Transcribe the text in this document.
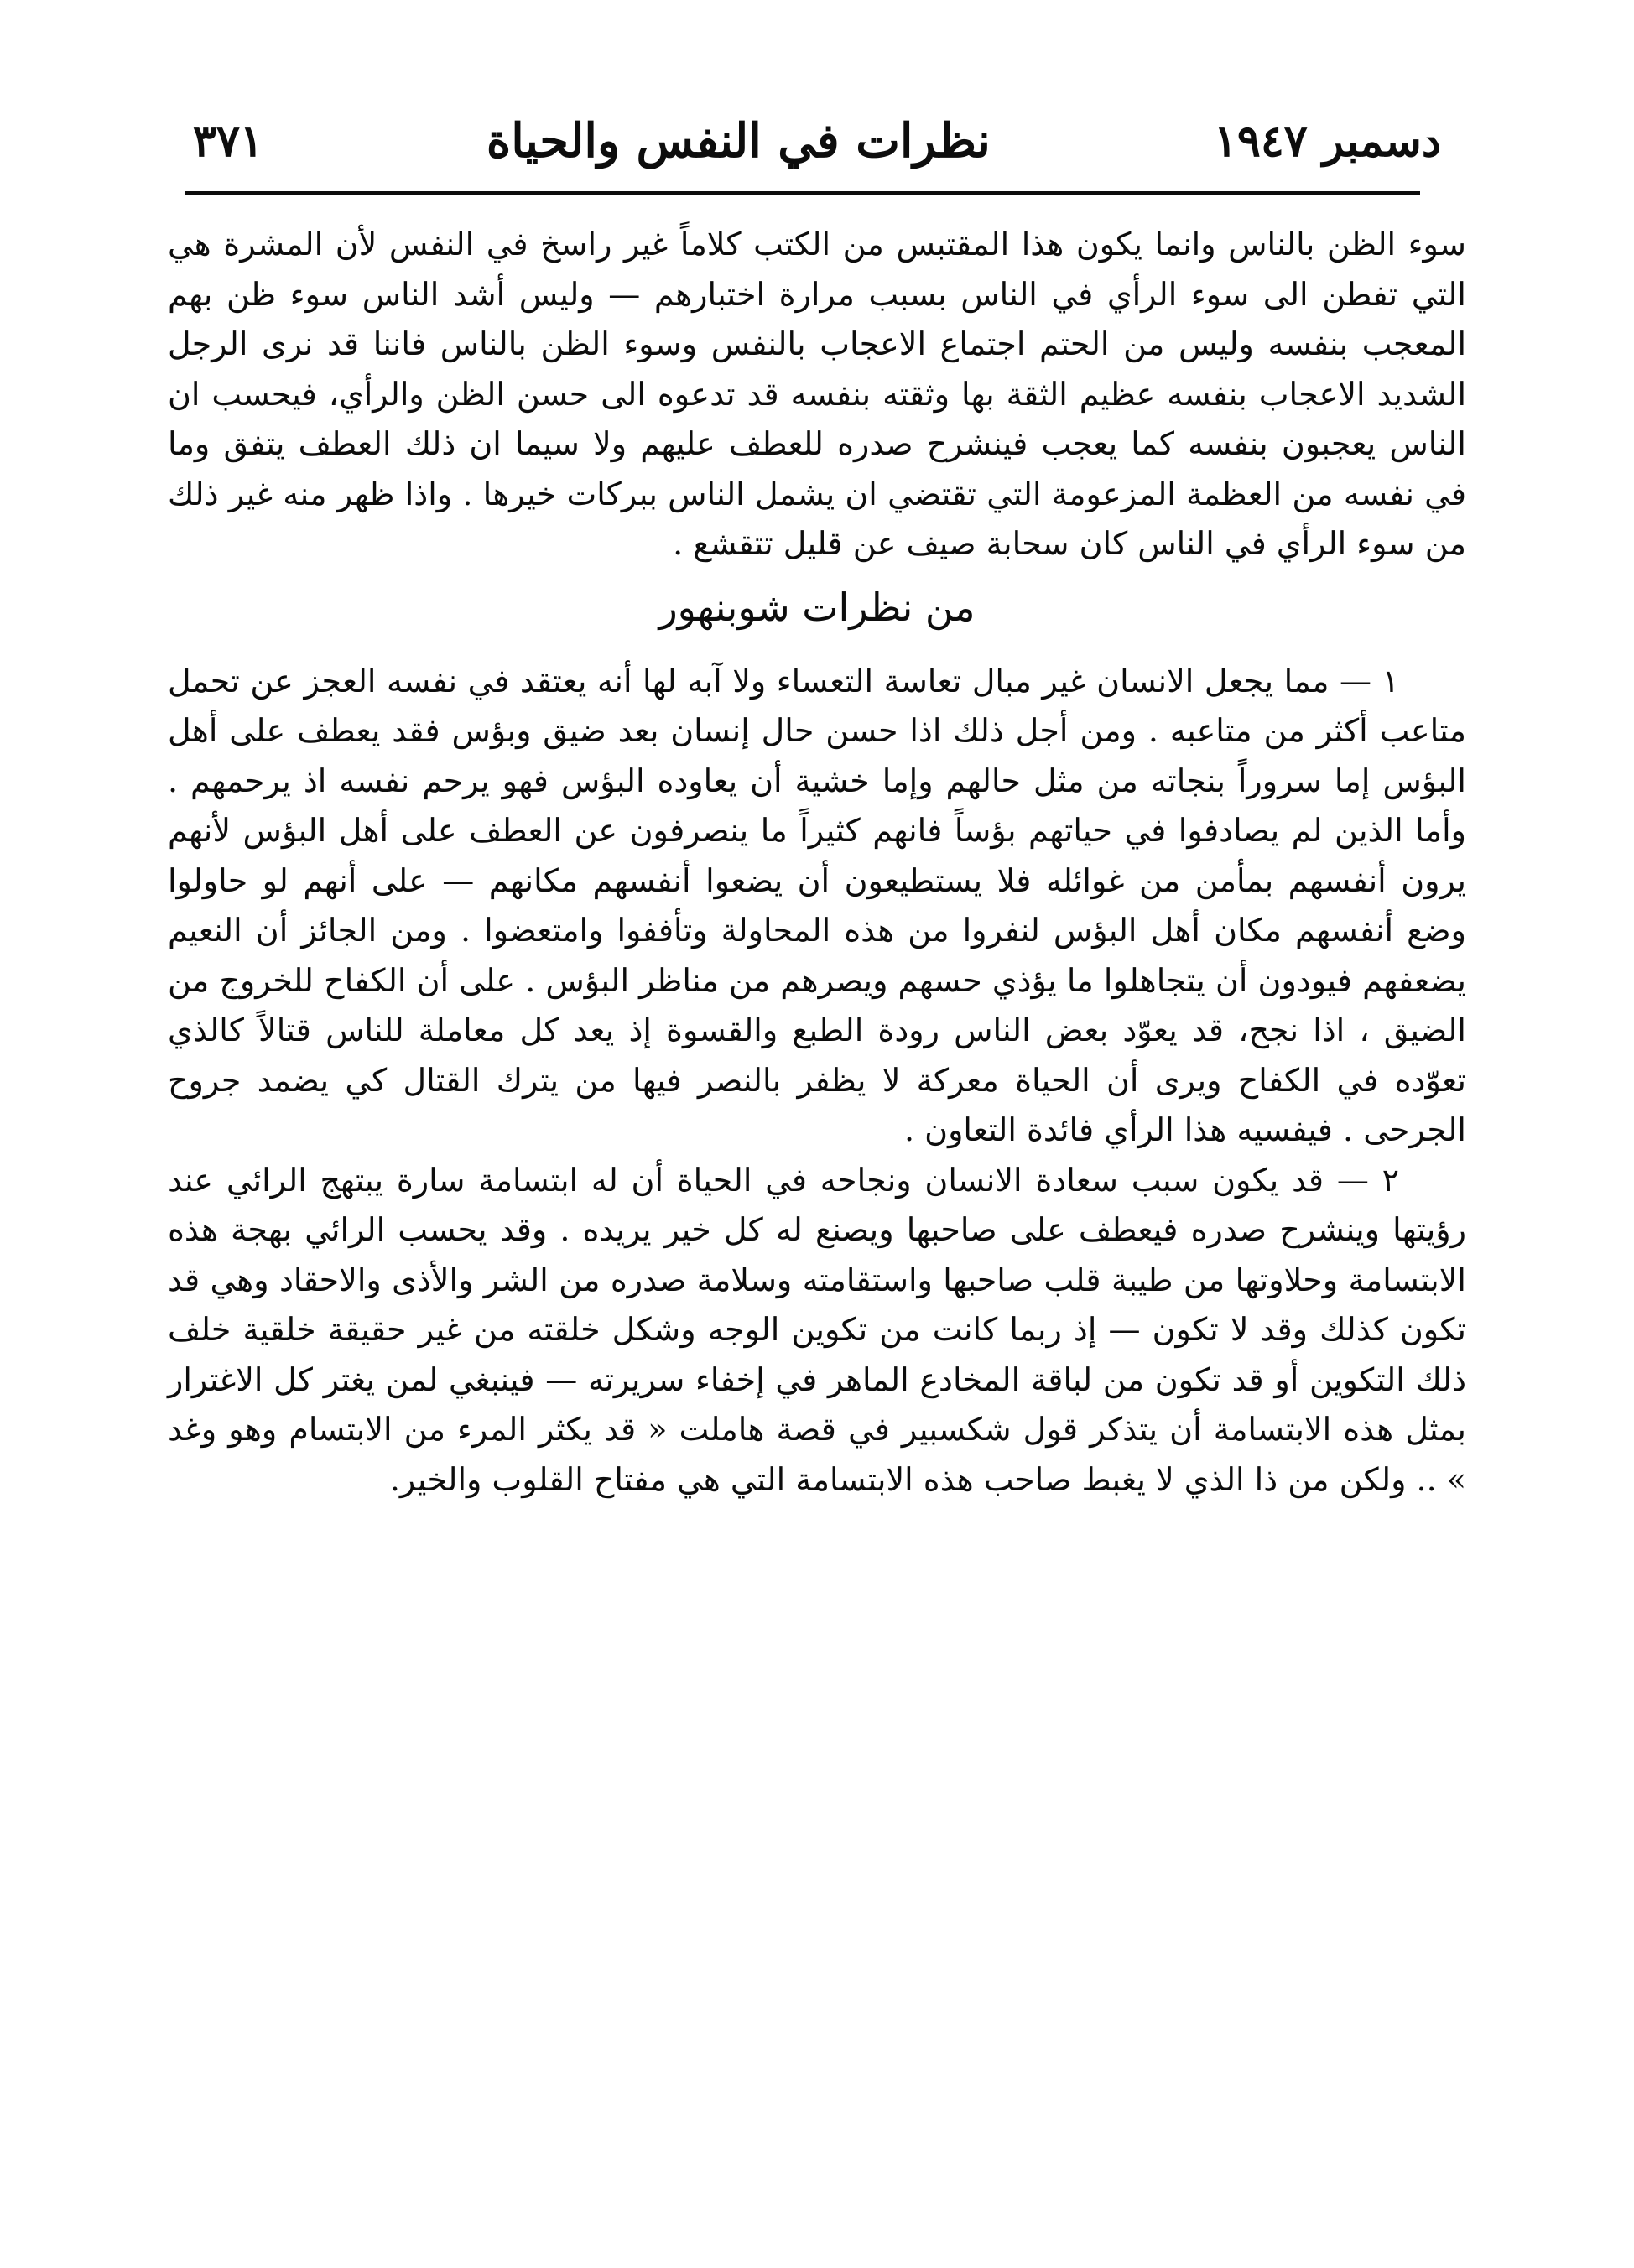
دسمبر ١٩٤٧
نظرات في النفس والحياة
٣٧١

سوء الظن بالناس وانما يكون هذا المقتبس من الكتب كلاماً غير راسخ في النفس لأن المشرة هي التي تفطن الى سوء الرأي في الناس بسبب مرارة اختبارهم — وليس أشد الناس سوء ظن بهم المعجب بنفسه وليس من الحتم اجتماع الاعجاب بالنفس وسوء الظن بالناس فاننا قد نرى الرجل الشديد الاعجاب بنفسه عظيم الثقة بها وثقته بنفسه قد تدعوه الى حسن الظن والرأي، فيحسب ان الناس يعجبون بنفسه كما يعجب فينشرح صدره للعطف عليهم ولا سيما ان ذلك العطف يتفق وما في نفسه من العظمة المزعومة التي تقتضي ان يشمل الناس ببركات خيرها . واذا ظهر منه غير ذلك من سوء الرأي في الناس كان سحابة صيف عن قليل تتقشع .

من نظرات شوبنهور

١ — مما يجعل الانسان غير مبال تعاسة التعساء ولا آبه لها أنه يعتقد في نفسه العجز عن تحمل متاعب أكثر من متاعبه . ومن أجل ذلك اذا حسن حال إنسان بعد ضيق وبؤس فقد يعطف على أهل البؤس إما سروراً بنجاته من مثل حالهم وإما خشية أن يعاوده البؤس فهو يرحم نفسه اذ يرحمهم . وأما الذين لم يصادفوا في حياتهم بؤساً فانهم كثيراً ما ينصرفون عن العطف على أهل البؤس لأنهم يرون أنفسهم بمأمن من غوائله فلا يستطيعون أن يضعوا أنفسهم مكانهم — على أنهم لو حاولوا وضع أنفسهم مكان أهل البؤس لنفروا من هذه المحاولة وتأففوا وامتعضوا . ومن الجائز أن النعيم يضعفهم فيودون أن يتجاهلوا ما يؤذي حسهم ويصرهم من مناظر البؤس . على أن الكفاح للخروج من الضيق ، اذا نجح، قد يعوّد بعض الناس رودة الطبع والقسوة إذ يعد كل معاملة للناس قتالاً كالذي تعوّده في الكفاح ويرى أن الحياة معركة لا يظفر بالنصر فيها من يترك القتال كي يضمد جروح الجرحى . فيفسيه هذا الرأي فائدة التعاون .

٢ — قد يكون سبب سعادة الانسان ونجاحه في الحياة أن له ابتسامة سارة يبتهج الرائي عند رؤيتها وينشرح صدره فيعطف على صاحبها ويصنع له كل خير يريده . وقد يحسب الرائي بهجة هذه الابتسامة وحلاوتها من طيبة قلب صاحبها واستقامته وسلامة صدره من الشر والأذى والاحقاد وهي قد تكون كذلك وقد لا تكون — إذ ربما كانت من تكوين الوجه وشكل خلقته من غير حقيقة خلقية خلف ذلك التكوين أو قد تكون من لباقة المخادع الماهر في إخفاء سريرته — فينبغي لمن يغتر كل الاغترار بمثل هذه الابتسامة أن يتذكر قول شكسبير في قصة هاملت « قد يكثر المرء من الابتسام وهو وغد » .. ولكن من ذا الذي لا يغبط صاحب هذه الابتسامة التي هي مفتاح القلوب والخير.
